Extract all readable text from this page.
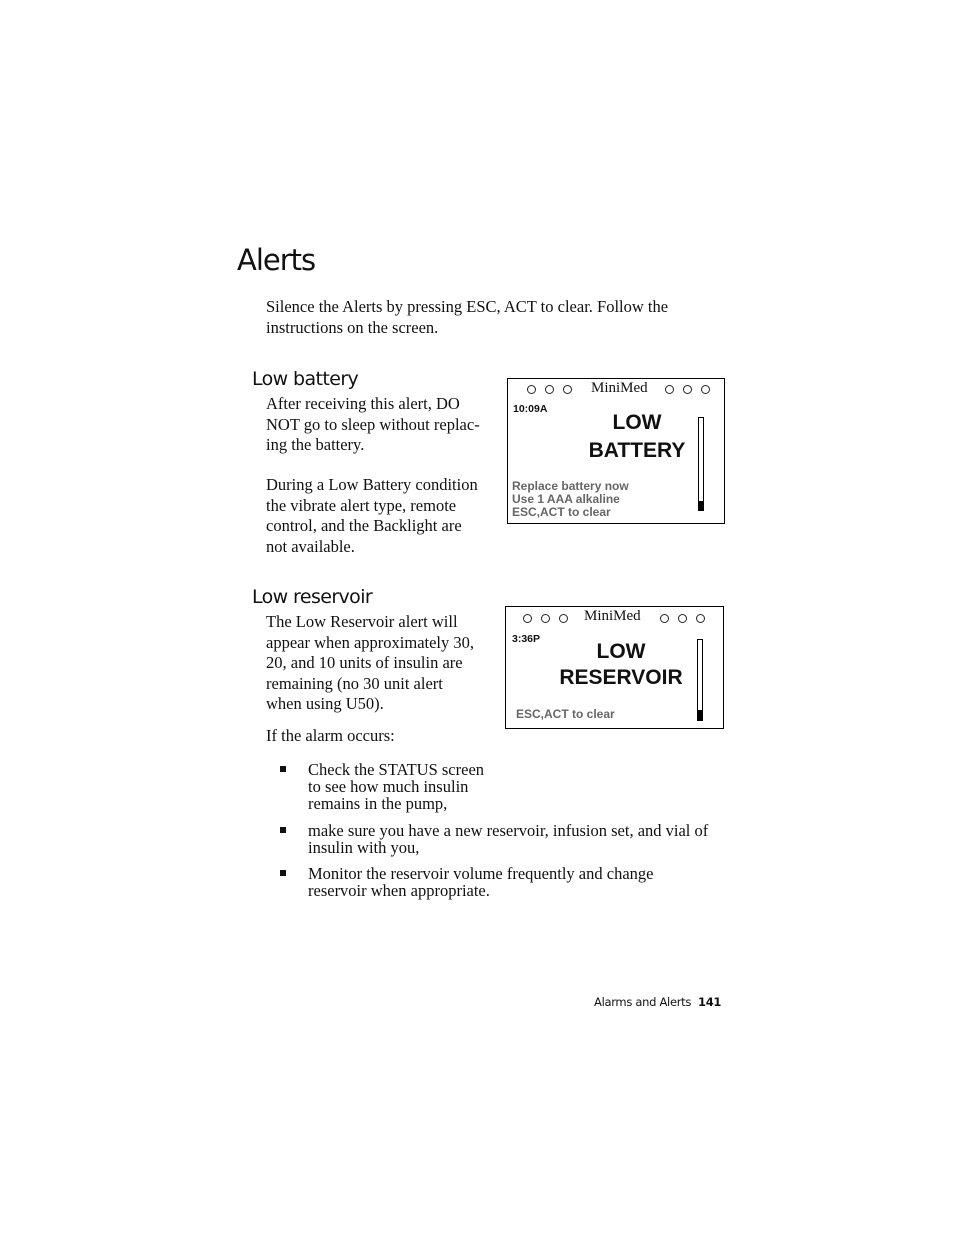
Alerts

Silence the Alerts by pressing ESC, ACT to clear. Follow the
instructions on the screen.

Low battery

After receiving this alert, DO
NOT go to sleep without replac-
ing the battery.

During a Low Battery condition
the vibrate alert type, remote
control, and the Backlight are
not available.

MiniMed
10:09A
LOW
BATTERY
Replace battery now
Use 1 AAA alkaline
ESC,ACT to clear
Low reservoir

The Low Reservoir alert will
appear when approximately 30,
20, and 10 units of insulin are
remaining (no 30 unit alert
when using U50).

If the alarm occurs:

MiniMed
3:36P
LOW
RESERVOIR
ESC,ACT to clear

Check the STATUS screen
to see how much insulin
remains in the pump,

make sure you have a new reservoir, infusion set, and vial of
insulin with you,

Monitor the reservoir volume frequently and change
reservoir when appropriate.

Alarms and Alerts 141
